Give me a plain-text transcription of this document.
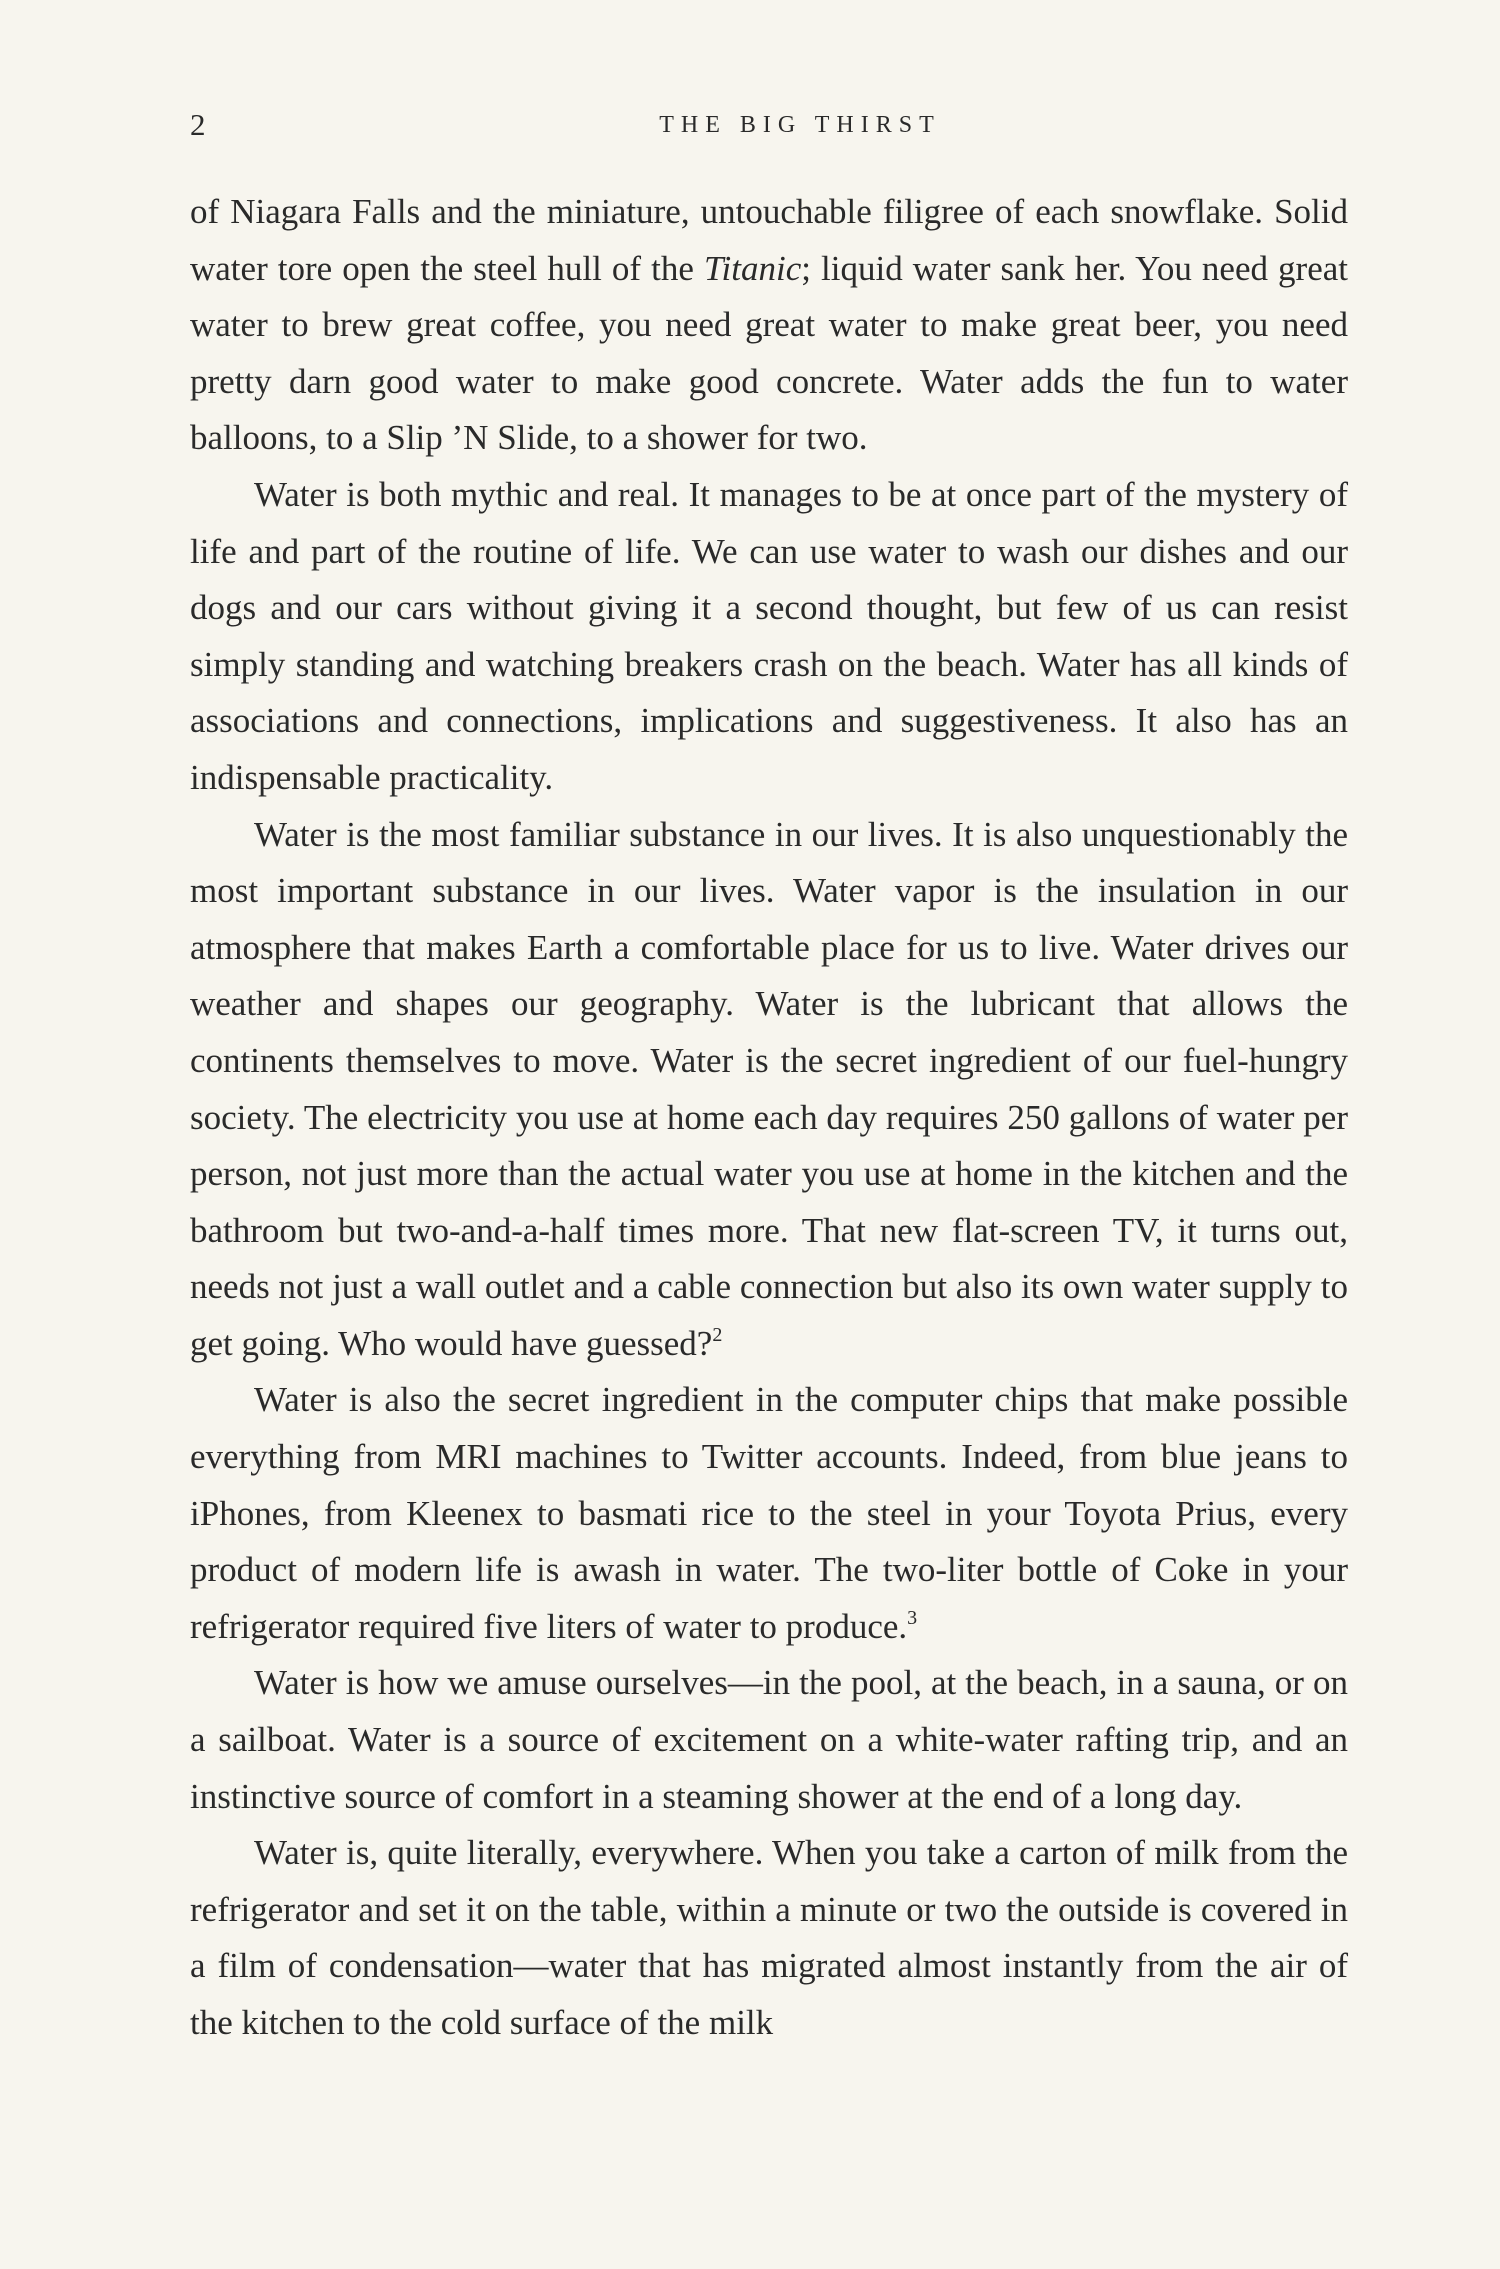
2	THE BIG THIRST

of Niagara Falls and the miniature, untouchable filigree of each snowflake. Solid water tore open the steel hull of the Titanic; liquid water sank her. You need great water to brew great coffee, you need great water to make great beer, you need pretty darn good water to make good concrete. Water adds the fun to water balloons, to a Slip ’N Slide, to a shower for two.

Water is both mythic and real. It manages to be at once part of the mystery of life and part of the routine of life. We can use water to wash our dishes and our dogs and our cars without giving it a second thought, but few of us can resist simply standing and watching breakers crash on the beach. Water has all kinds of associations and connections, implications and suggestiveness. It also has an indispensable practicality.

Water is the most familiar substance in our lives. It is also unquestionably the most important substance in our lives. Water vapor is the insulation in our atmosphere that makes Earth a comfortable place for us to live. Water drives our weather and shapes our geography. Water is the lubricant that allows the continents themselves to move. Water is the secret ingredient of our fuel-hungry society. The electricity you use at home each day requires 250 gallons of water per person, not just more than the actual water you use at home in the kitchen and the bathroom but two-and-a-half times more. That new flat-screen TV, it turns out, needs not just a wall outlet and a cable connection but also its own water supply to get going. Who would have guessed?$^2$

Water is also the secret ingredient in the computer chips that make possible everything from MRI machines to Twitter accounts. Indeed, from blue jeans to iPhones, from Kleenex to basmati rice to the steel in your Toyota Prius, every product of modern life is awash in water. The two-liter bottle of Coke in your refrigerator required five liters of water to produce.$^3$

Water is how we amuse ourselves—in the pool, at the beach, in a sauna, or on a sailboat. Water is a source of excitement on a white-water rafting trip, and an instinctive source of comfort in a steaming shower at the end of a long day.

Water is, quite literally, everywhere. When you take a carton of milk from the refrigerator and set it on the table, within a minute or two the outside is covered in a film of condensation—water that has migrated almost instantly from the air of the kitchen to the cold surface of the milk
